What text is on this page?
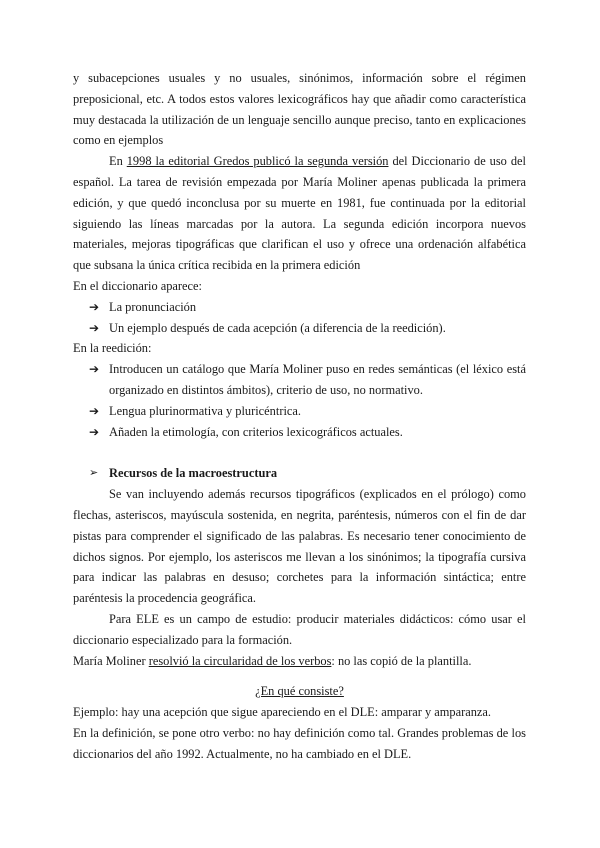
y subacepciones usuales y no usuales, sinónimos, información sobre el régimen preposicional, etc. A todos estos valores lexicográficos hay que añadir como característica muy destacada la utilización de un lenguaje sencillo aunque preciso, tanto en explicaciones como en ejemplos

En 1998 la editorial Gredos publicó la segunda versión del Diccionario de uso del español. La tarea de revisión empezada por María Moliner apenas publicada la primera edición, y que quedó inconclusa por su muerte en 1981, fue continuada por la editorial siguiendo las líneas marcadas por la autora. La segunda edición incorpora nuevos materiales, mejoras tipográficas que clarifican el uso y ofrece una ordenación alfabética que subsana la única crítica recibida en la primera edición

En el diccionario aparece:

➔ La pronunciación
➔ Un ejemplo después de cada acepción (a diferencia de la reedición).

En la reedición:

➔ Introducen un catálogo que María Moliner puso en redes semánticas (el léxico está organizado en distintos ámbitos), criterio de uso, no normativo.
➔ Lengua plurinormativa y pluricéntrica.
➔ Añaden la etimología, con criterios lexicográficos actuales.
➢ Recursos de la macroestructura

Se van incluyendo además recursos tipográficos (explicados en el prólogo) como flechas, asteriscos, mayúscula sostenida, en negrita, paréntesis, números con el fin de dar pistas para comprender el significado de las palabras. Es necesario tener conocimiento de dichos signos. Por ejemplo, los asteriscos me llevan a los sinónimos; la tipografía cursiva para indicar las palabras en desuso; corchetes para la información sintáctica; entre paréntesis la procedencia geográfica.

Para ELE es un campo de estudio: producir materiales didácticos: cómo usar el diccionario especializado para la formación.

María Moliner resolvió la circularidad de los verbos: no las copió de la plantilla.

¿En qué consiste?

Ejemplo: hay una acepción que sigue apareciendo en el DLE: amparar y amparanza.

En la definición, se pone otro verbo: no hay definición como tal. Grandes problemas de los diccionarios del año 1992. Actualmente, no ha cambiado en el DLE.
